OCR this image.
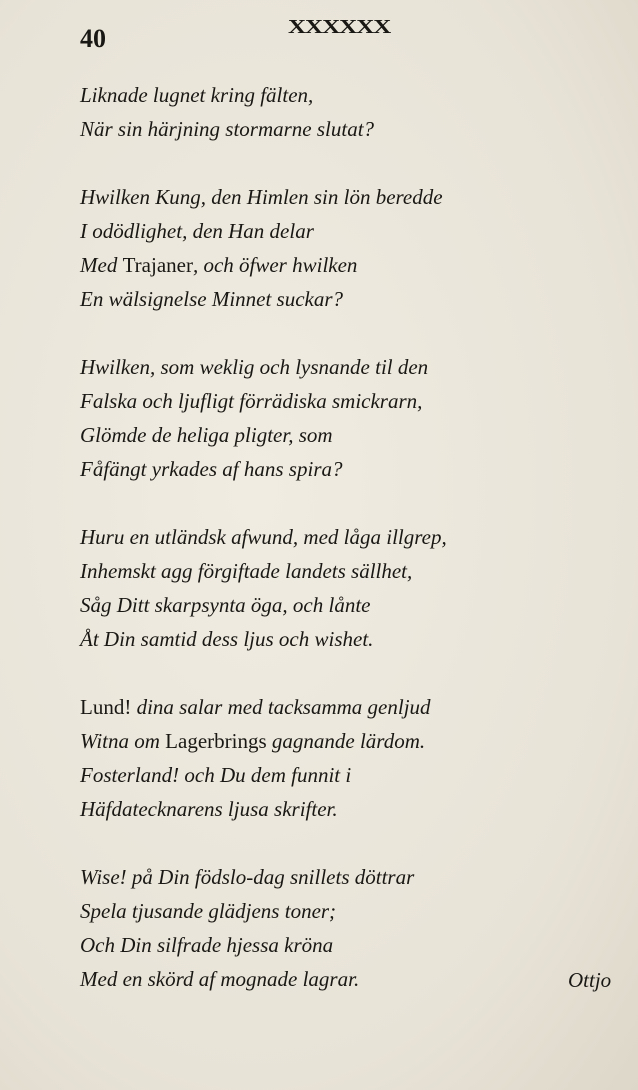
40	XXXXXX
Liknade lugnet kring fälten,
När sin härjning stormarne slutat?
Hwilken Kung, den Himlen sin lön beredde
I odödlighet, den Han delar
Med Trajaner, och öfwer hwilken
En wälsignelse Minnet suckar?
Hwilken, som weklig och lysnande til den
Falska och ljufligt förrädiska smickrarn,
Glömde de heliga pligter, som
Fåfängt yrkades af hans spira?
Huru en utländsk afwund, med låga illgrep,
Inhemskt agg förgiftade landets sällhet,
Såg Ditt skarpsynta öga, och lånte
Åt Din samtid dess ljus och wishet.
Lund! dina salar med tacksamma genljud
Witna om Lagerbrings gagnande lärdom.
Fosterland! och Du dem funnit i
Häfdatecknarens ljusa skrifter.
Wise! på Din födslo-dag snillets döttrar
Spela tjusande glädjens toner;
Och Din silfrade hjessa kröna
Med en skörd af mognade lagrar.	Ottjo
